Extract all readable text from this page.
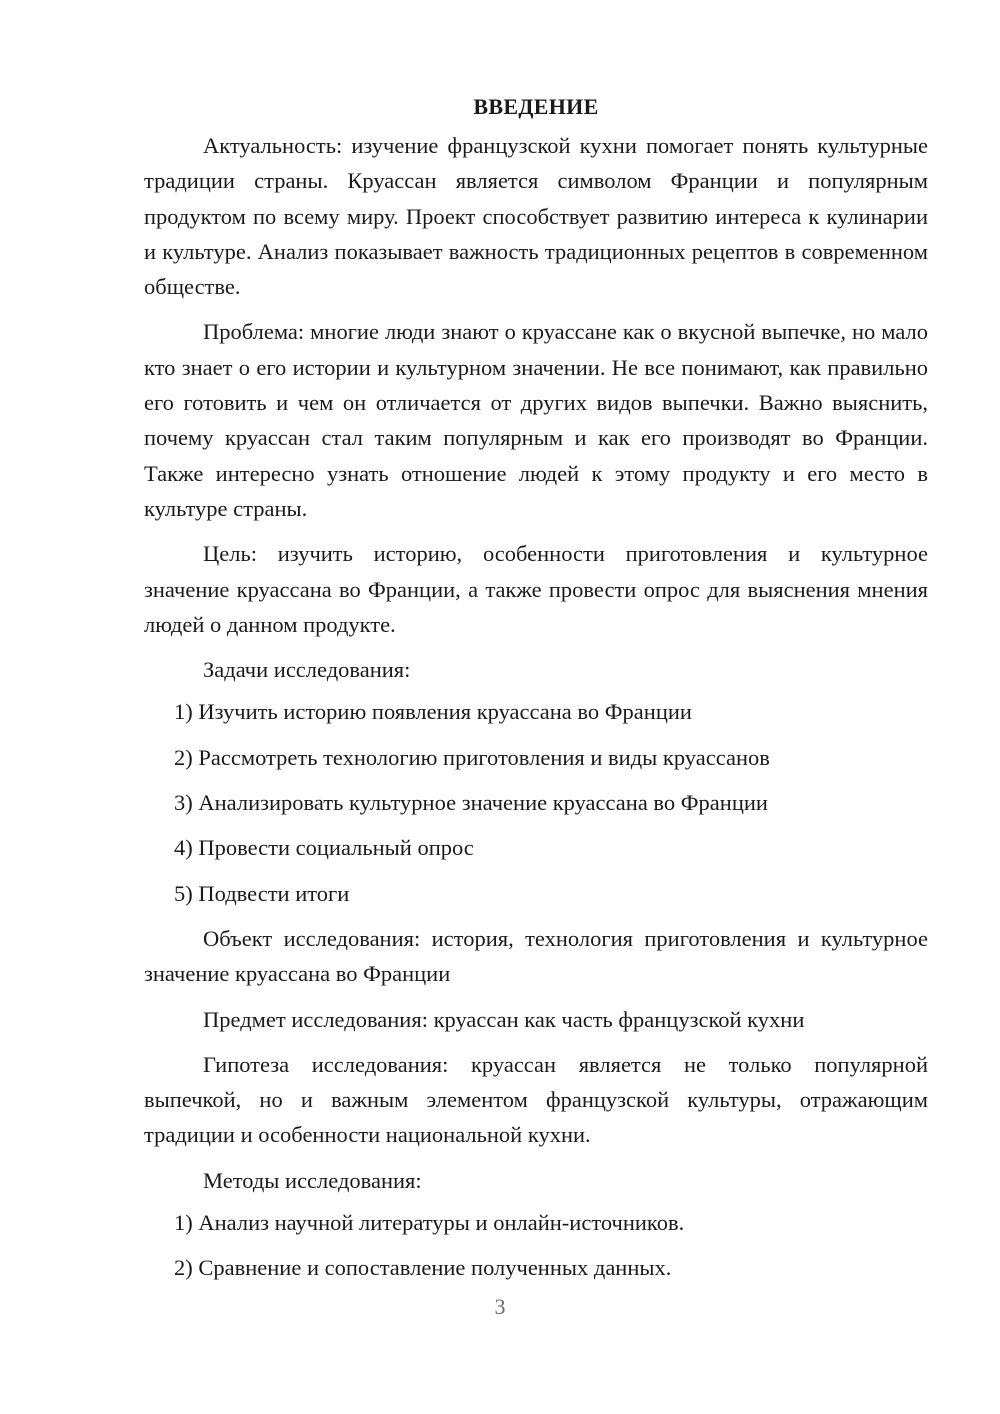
ВВЕДЕНИЕ

Актуальность: изучение французской кухни помогает понять культурные традиции страны. Круассан является символом Франции и популярным продуктом по всему миру. Проект способствует развитию интереса к кулинарии и культуре. Анализ показывает важность традиционных рецептов в современном обществе.

Проблема: многие люди знают о круассане как о вкусной выпечке, но мало кто знает о его истории и культурном значении. Не все понимают, как правильно его готовить и чем он отличается от других видов выпечки. Важно выяснить, почему круассан стал таким популярным и как его производят во Франции. Также интересно узнать отношение людей к этому продукту и его место в культуре страны.

Цель: изучить историю, особенности приготовления и культурное значение круассана во Франции, а также провести опрос для выяснения мнения людей о данном продукте.

Задачи исследования:

1) Изучить историю появления круассана во Франции
2) Рассмотреть технологию приготовления и виды круассанов
3) Анализировать культурное значение круассана во Франции
4) Провести социальный опрос
5) Подвести итоги

Объект исследования: история, технология приготовления и культурное значение круассана во Франции

Предмет исследования: круассан как часть французской кухни

Гипотеза исследования: круассан является не только популярной выпечкой, но и важным элементом французской культуры, отражающим традиции и особенности национальной кухни.

Методы исследования:

1) Анализ научной литературы и онлайн-источников.
2) Сравнение и сопоставление полученных данных.
3
